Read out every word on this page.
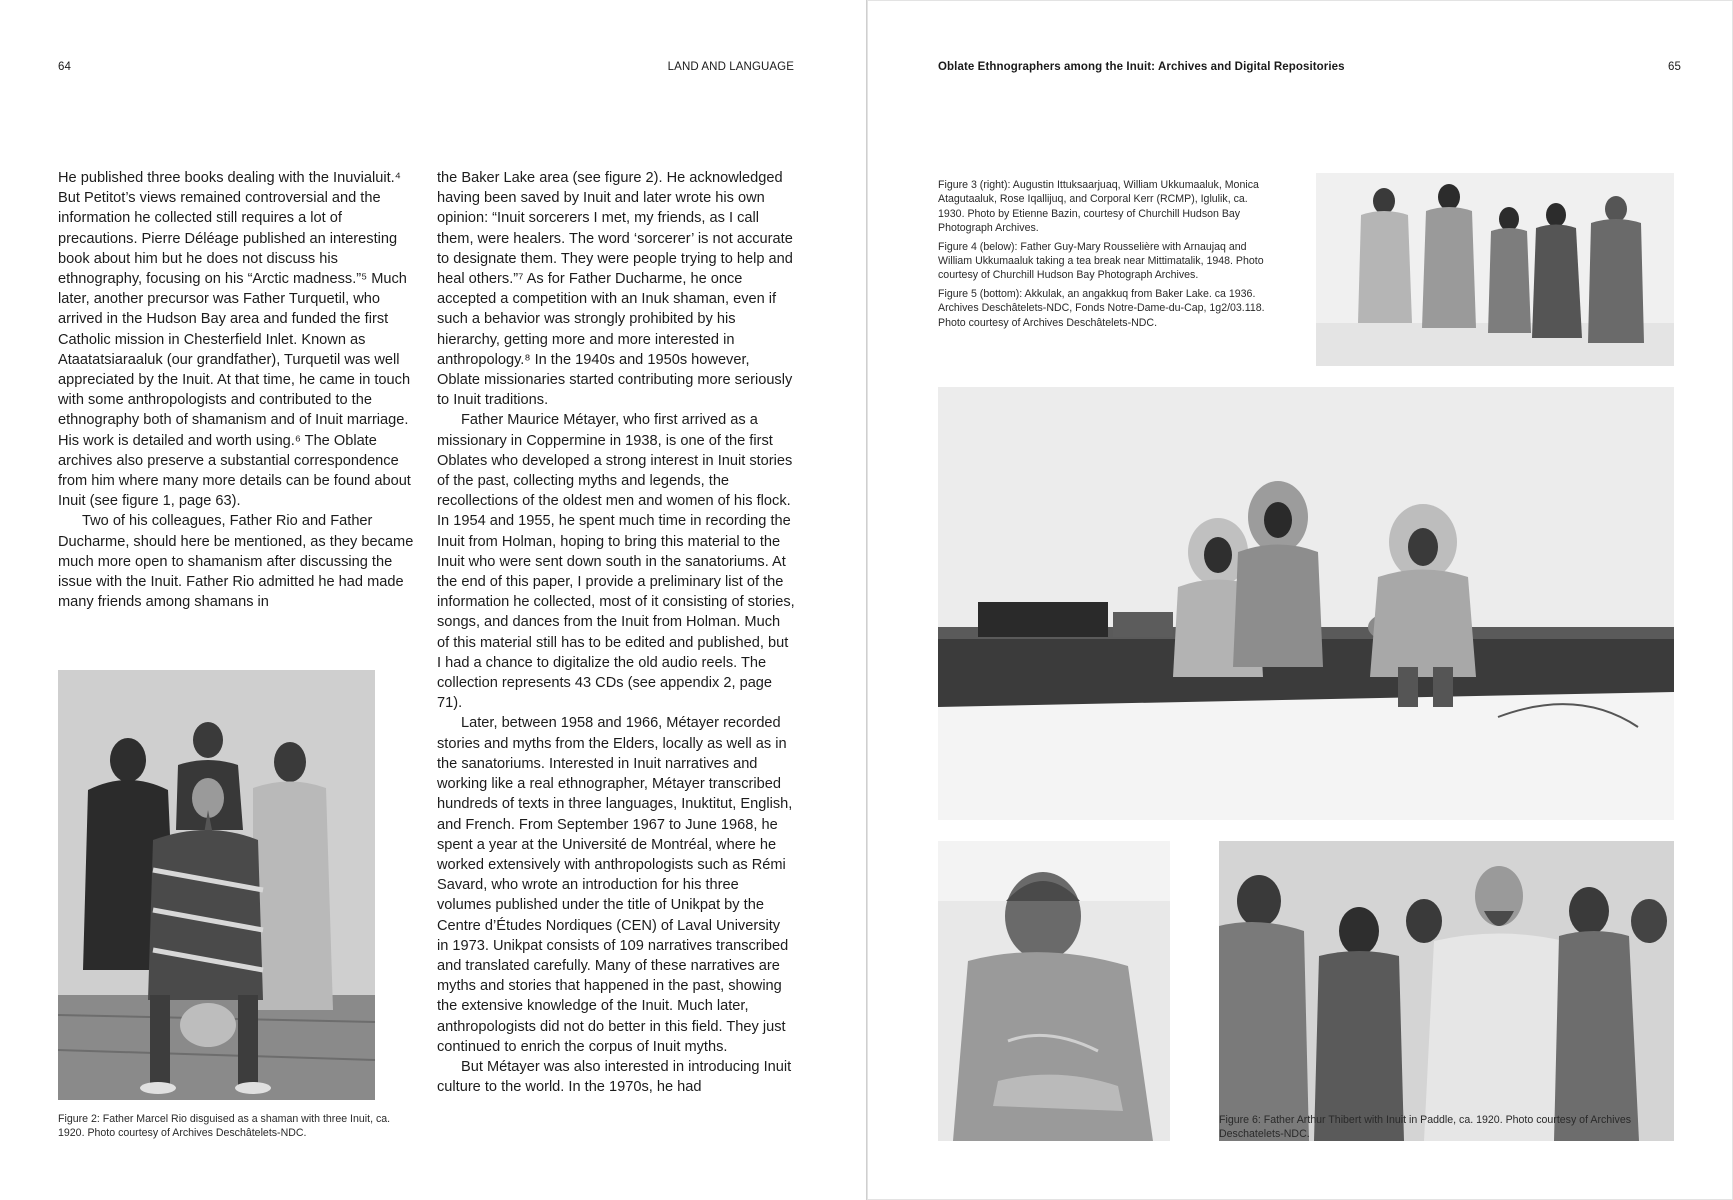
64	LAND AND LANGUAGE

He published three books dealing with the Inuvialuit.⁴ But Petitot’s views remained controversial and the information he collected still requires a lot of precautions. Pierre Déléage published an interesting book about him but he does not discuss his ethnography, focusing on his “Arctic madness.”⁵ Much later, another precursor was Father Turquetil, who arrived in the Hudson Bay area and funded the first Catholic mission in Chesterfield Inlet. Known as Ataatatsiaraaluk (our grandfather), Turquetil was well appreciated by the Inuit. At that time, he came in touch with some anthropologists and contributed to the ethnography both of shamanism and of Inuit marriage. His work is detailed and worth using.⁶ The Oblate archives also preserve a substantial correspondence from him where many more details can be found about Inuit (see figure 1, page 63).

Two of his colleagues, Father Rio and Father Ducharme, should here be mentioned, as they became much more open to shamanism after discussing the issue with the Inuit. Father Rio admitted he had made many friends among shamans in

the Baker Lake area (see figure 2). He acknowledged having been saved by Inuit and later wrote his own opinion: “Inuit sorcerers I met, my friends, as I call them, were healers. The word ‘sorcerer’ is not accurate to designate them. They were people trying to help and heal others.”⁷ As for Father Ducharme, he once accepted a competition with an Inuk shaman, even if such a behavior was strongly prohibited by his hierarchy, getting more and more interested in anthropology.⁸ In the 1940s and 1950s however, Oblate missionaries started contributing more seriously to Inuit traditions.

Father Maurice Métayer, who first arrived as a missionary in Coppermine in 1938, is one of the first Oblates who developed a strong interest in Inuit stories of the past, collecting myths and legends, the recollections of the oldest men and women of his flock. In 1954 and 1955, he spent much time in recording the Inuit from Holman, hoping to bring this material to the Inuit who were sent down south in the sanatoriums. At the end of this paper, I provide a preliminary list of the information he collected, most of it consisting of stories, songs, and dances from the Inuit from Holman. Much of this material still has to be edited and published, but I had a chance to digitalize the old audio reels. The collection represents 43 CDs (see appendix 2, page 71).

Later, between 1958 and 1966, Métayer recorded stories and myths from the Elders, locally as well as in the sanatoriums. Interested in Inuit narratives and working like a real ethnographer, Métayer transcribed hundreds of texts in three languages, Inuktitut, English, and French. From September 1967 to June 1968, he spent a year at the Université de Montréal, where he worked extensively with anthropologists such as Rémi Savard, who wrote an introduction for his three volumes published under the title of Unikpat by the Centre d’Études Nordiques (CEN) of Laval University in 1973. Unikpat consists of 109 narratives transcribed and translated carefully. Many of these narratives are myths and stories that happened in the past, showing the extensive knowledge of the Inuit. Much later, anthropologists did not do better in this field. They just continued to enrich the corpus of Inuit myths.

But Métayer was also interested in introducing Inuit culture to the world. In the 1970s, he had

Figure 2: Father Marcel Rio disguised as a shaman with three Inuit, ca. 1920. Photo courtesy of Archives Deschâtelets-NDC.
Oblate Ethnographers among the Inuit: Archives and Digital Repositories	65

Figure 3 (right): Augustin Ittuksaarjuaq, William Ukkumaaluk, Monica Atagutaaluk, Rose Iqallijuq, and Corporal Kerr (RCMP), Iglulik, ca. 1930. Photo by Etienne Bazin, courtesy of Churchill Hudson Bay Photograph Archives.

Figure 4 (below): Father Guy-Mary Rousselière with Arnaujaq and William Ukkumaaluk taking a tea break near Mittimatalik, 1948. Photo courtesy of Churchill Hudson Bay Photograph Archives.

Figure 5 (bottom): Akkulak, an angakkuq from Baker Lake. ca 1936. Archives Deschâtelets-NDC, Fonds Notre-Dame-du-Cap, 1g2/03.118. Photo courtesy of Archives Deschâtelets-NDC.

Figure 6: Father Arthur Thibert with Inuit in Paddle, ca. 1920. Photo courtesy of Archives Deschatelets-NDC.
